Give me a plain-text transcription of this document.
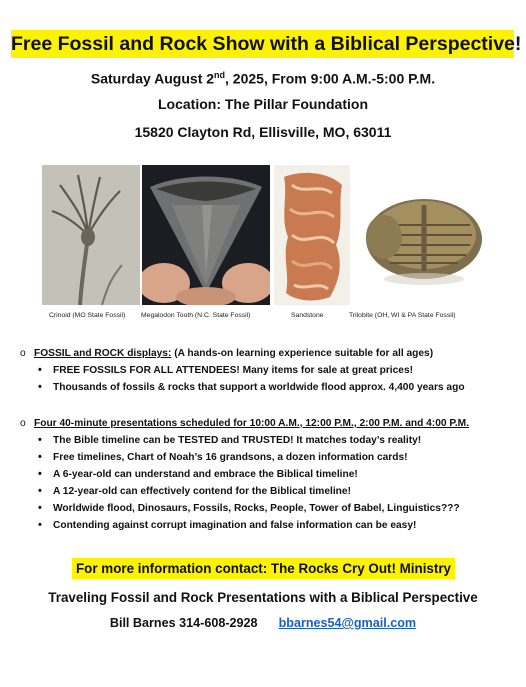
Free Fossil and Rock Show with a Biblical Perspective!
Saturday August 2nd, 2025, From 9:00 A.M.-5:00 P.M.
Location: The Pillar Foundation
15820 Clayton Rd, Ellisville, MO, 63011
Crinoid (MO State Fossil) Megalodon Tooth (N.C. State Fossil)	Sandstone	Trilobite (OH, WI & PA State Fossil)
o FOSSIL and ROCK displays: (A hands-on learning experience suitable for all ages)
• FREE FOSSILS FOR ALL ATTENDEES! Many items for sale at great prices!
• Thousands of fossils & rocks that support a worldwide flood approx. 4,400 years ago
o Four 40-minute presentations scheduled for 10:00 A.M., 12:00 P.M., 2:00 P.M. and 4:00 P.M.
• The Bible timeline can be TESTED and TRUSTED! It matches today’s reality!
• Free timelines, Chart of Noah’s 16 grandsons, a dozen information cards!
• A 6-year-old can understand and embrace the Biblical timeline!
• A 12-year-old can effectively contend for the Biblical timeline!
• Worldwide flood, Dinosaurs, Fossils, Rocks, People, Tower of Babel, Linguistics???
• Contending against corrupt imagination and false information can be easy!
For more information contact: The Rocks Cry Out! Ministry
Traveling Fossil and Rock Presentations with a Biblical Perspective
Bill Barnes 314-608-2928 bbarnes54@gmail.com
